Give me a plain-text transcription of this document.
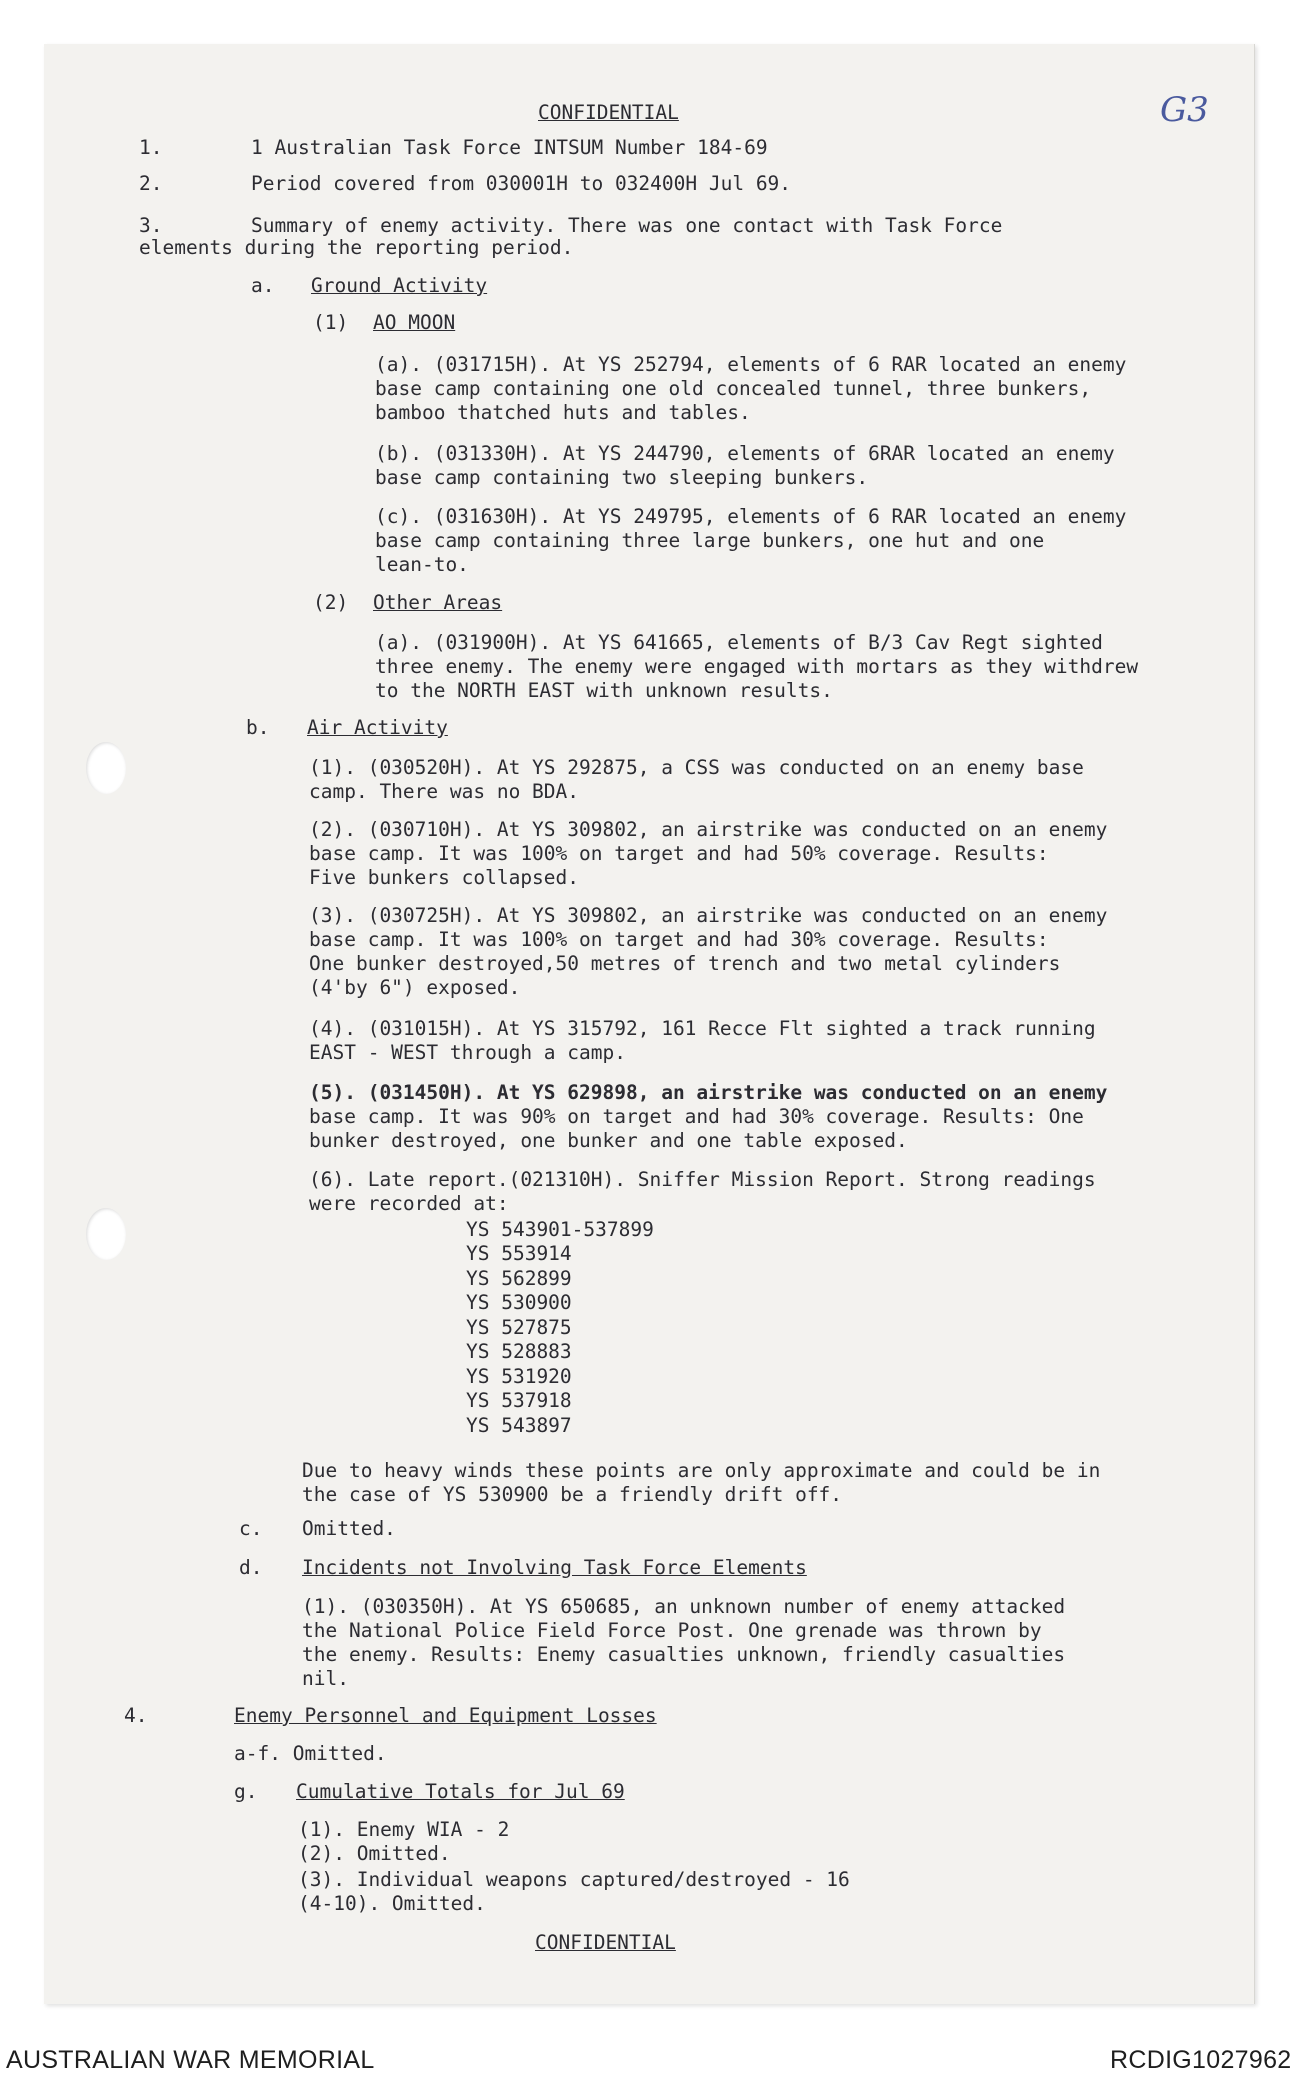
CONFIDENTIAL	G3
1.	1 Australian Task Force INTSUM Number 184-69
2.	Period covered from 030001H to 032400H Jul 69.
3.	Summary of enemy activity. There was one contact with Task Force
elements during the reporting period.
a. Ground Activity
(1) AO MOON
(a). (031715H). At YS 252794, elements of 6 RAR located an enemy
base camp containing one old concealed tunnel, three bunkers,
bamboo thatched huts and tables.
(b). (031330H). At YS 244790, elements of 6RAR located an enemy
base camp containing two sleeping bunkers.
(c). (031630H). At YS 249795, elements of 6 RAR located an enemy
base camp containing three large bunkers, one hut and one
lean-to.
(2) Other Areas
(a). (031900H). At YS 641665, elements of B/3 Cav Regt sighted
three enemy. The enemy were engaged with mortars as they withdrew
to the NORTH EAST with unknown results.
b. Air Activity
(1). (030520H). At YS 292875, a CSS was conducted on an enemy base
camp. There was no BDA.
(2). (030710H). At YS 309802, an airstrike was conducted on an enemy
base camp. It was 100% on target and had 50% coverage. Results:
Five bunkers collapsed.
(3). (030725H). At YS 309802, an airstrike was conducted on an enemy
base camp. It was 100% on target and had 30% coverage. Results:
One bunker destroyed,50 metres of trench and two metal cylinders
(4'by 6") exposed.
(4). (031015H). At YS 315792, 161 Recce Flt sighted a track running
EAST - WEST through a camp.
(5). (031450H). At YS 629898, an airstrike was conducted on an enemy
base camp. It was 90% on target and had 30% coverage. Results: One
bunker destroyed, one bunker and one table exposed.
(6). Late report.(021310H). Sniffer Mission Report. Strong readings
were recorded at:
YS 543901-537899
YS 553914
YS 562899
YS 530900
YS 527875
YS 528883
YS 531920
YS 537918
YS 543897
Due to heavy winds these points are only approximate and could be in
the case of YS 530900 be a friendly drift off.
c. Omitted.
d. Incidents not Involving Task Force Elements
(1). (030350H). At YS 650685, an unknown number of enemy attacked
the National Police Field Force Post. One grenade was thrown by
the enemy. Results: Enemy casualties unknown, friendly casualties
nil.
4.	Enemy Personnel and Equipment Losses
a-f. Omitted.
g. Cumulative Totals for Jul 69
(1). Enemy WIA - 2
(2). Omitted.
(3). Individual weapons captured/destroyed - 16
(4-10). Omitted.
CONFIDENTIAL
AUSTRALIAN WAR MEMORIAL	RCDIG1027962
